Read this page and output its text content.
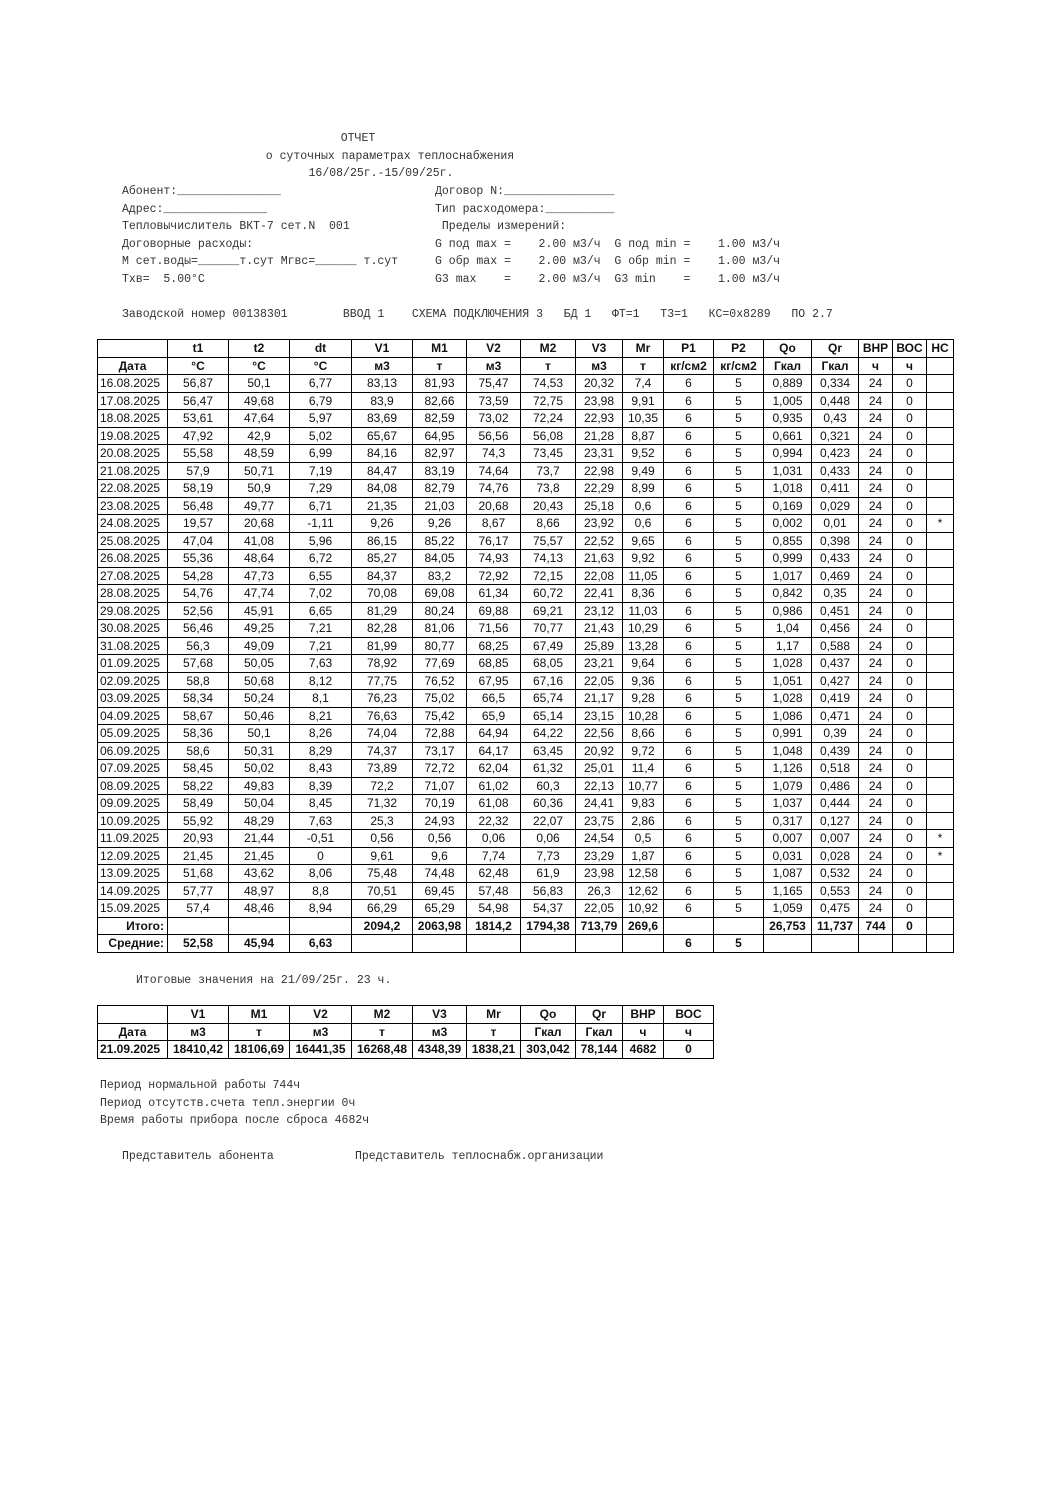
ОТЧЕТ
о суточных параметрах теплоснабжения
16/08/25г.-15/09/25г.
Абонент:_______________
Адрес:_______________
Тепловычислитель ВКТ-7 сет.N  001
Договорные расходы:
М сет.воды=______т.сут Мгвс=______ т.сут
Тхв=  5.00°С
Договор N:________________
Тип расходомера:__________
Пределы измерений:
G под max =    2.00 м3/ч  G под min =    1.00 м3/ч
G обр max =    2.00 м3/ч  G обр min =    1.00 м3/ч
G3 max    =    2.00 м3/ч  G3 min    =    1.00 м3/ч
Заводской номер 00138301        ВВОД 1    СХЕМА ПОДКЛЮЧЕНИЯ 3   БД 1   ФТ=1   Т3=1   КС=0x8289   ПО 2.7
	t1	t2	dt	V1	M1	V2	M2	V3	Mr	P1	P2	Qo	Qr	ВНР	ВОС	НС
Дата	°C	°C	°C	м3	т	м3	т	м3	т	кг/см2	кг/см2	Гкал	Гкал	ч	ч	
16.08.2025	56,87	50,1	6,77	83,13	81,93	75,47	74,53	20,32	7,4	6	5	0,889	0,334	24	0	
17.08.2025	56,47	49,68	6,79	83,9	82,66	73,59	72,75	23,98	9,91	6	5	1,005	0,448	24	0	
18.08.2025	53,61	47,64	5,97	83,69	82,59	73,02	72,24	22,93	10,35	6	5	0,935	0,43	24	0	
19.08.2025	47,92	42,9	5,02	65,67	64,95	56,56	56,08	21,28	8,87	6	5	0,661	0,321	24	0	
20.08.2025	55,58	48,59	6,99	84,16	82,97	74,3	73,45	23,31	9,52	6	5	0,994	0,423	24	0	
21.08.2025	57,9	50,71	7,19	84,47	83,19	74,64	73,7	22,98	9,49	6	5	1,031	0,433	24	0	
22.08.2025	58,19	50,9	7,29	84,08	82,79	74,76	73,8	22,29	8,99	6	5	1,018	0,411	24	0	
23.08.2025	56,48	49,77	6,71	21,35	21,03	20,68	20,43	25,18	0,6	6	5	0,169	0,029	24	0	
24.08.2025	19,57	20,68	-1,11	9,26	9,26	8,67	8,66	23,92	0,6	6	5	0,002	0,01	24	0	*
25.08.2025	47,04	41,08	5,96	86,15	85,22	76,17	75,57	22,52	9,65	6	5	0,855	0,398	24	0	
26.08.2025	55,36	48,64	6,72	85,27	84,05	74,93	74,13	21,63	9,92	6	5	0,999	0,433	24	0	
27.08.2025	54,28	47,73	6,55	84,37	83,2	72,92	72,15	22,08	11,05	6	5	1,017	0,469	24	0	
28.08.2025	54,76	47,74	7,02	70,08	69,08	61,34	60,72	22,41	8,36	6	5	0,842	0,35	24	0	
29.08.2025	52,56	45,91	6,65	81,29	80,24	69,88	69,21	23,12	11,03	6	5	0,986	0,451	24	0	
30.08.2025	56,46	49,25	7,21	82,28	81,06	71,56	70,77	21,43	10,29	6	5	1,04	0,456	24	0	
31.08.2025	56,3	49,09	7,21	81,99	80,77	68,25	67,49	25,89	13,28	6	5	1,17	0,588	24	0	
01.09.2025	57,68	50,05	7,63	78,92	77,69	68,85	68,05	23,21	9,64	6	5	1,028	0,437	24	0	
02.09.2025	58,8	50,68	8,12	77,75	76,52	67,95	67,16	22,05	9,36	6	5	1,051	0,427	24	0	
03.09.2025	58,34	50,24	8,1	76,23	75,02	66,5	65,74	21,17	9,28	6	5	1,028	0,419	24	0	
04.09.2025	58,67	50,46	8,21	76,63	75,42	65,9	65,14	23,15	10,28	6	5	1,086	0,471	24	0	
05.09.2025	58,36	50,1	8,26	74,04	72,88	64,94	64,22	22,56	8,66	6	5	0,991	0,39	24	0	
06.09.2025	58,6	50,31	8,29	74,37	73,17	64,17	63,45	20,92	9,72	6	5	1,048	0,439	24	0	
07.09.2025	58,45	50,02	8,43	73,89	72,72	62,04	61,32	25,01	11,4	6	5	1,126	0,518	24	0	
08.09.2025	58,22	49,83	8,39	72,2	71,07	61,02	60,3	22,13	10,77	6	5	1,079	0,486	24	0	
09.09.2025	58,49	50,04	8,45	71,32	70,19	61,08	60,36	24,41	9,83	6	5	1,037	0,444	24	0	
10.09.2025	55,92	48,29	7,63	25,3	24,93	22,32	22,07	23,75	2,86	6	5	0,317	0,127	24	0	
11.09.2025	20,93	21,44	-0,51	0,56	0,56	0,06	0,06	24,54	0,5	6	5	0,007	0,007	24	0	*
12.09.2025	21,45	21,45	0	9,61	9,6	7,74	7,73	23,29	1,87	6	5	0,031	0,028	24	0	*
13.09.2025	51,68	43,62	8,06	75,48	74,48	62,48	61,9	23,98	12,58	6	5	1,087	0,532	24	0	
14.09.2025	57,77	48,97	8,8	70,51	69,45	57,48	56,83	26,3	12,62	6	5	1,165	0,553	24	0	
15.09.2025	57,4	48,46	8,94	66,29	65,29	54,98	54,37	22,05	10,92	6	5	1,059	0,475	24	0	
Итого:				2094,2	2063,98	1814,2	1794,38	713,79	269,6			26,753	11,737	744	0	
Средние:	52,58	45,94	6,63							6	5					
Итоговые значения на 21/09/25г. 23 ч.
	V1	M1	V2	M2	V3	Mr	Qo	Qr	ВНР	ВОС
Дата	м3	т	м3	т	м3	т	Гкал	Гкал	ч	ч
21.09.2025	18410,42	18106,69	16441,35	16268,48	4348,39	1838,21	303,042	78,144	4682	0
Период нормальной работы 744ч
Период отсутств.счета тепл.энергии 0ч
Время работы прибора после сброса 4682ч
Представитель абонента	Представитель теплоснабж.организации
